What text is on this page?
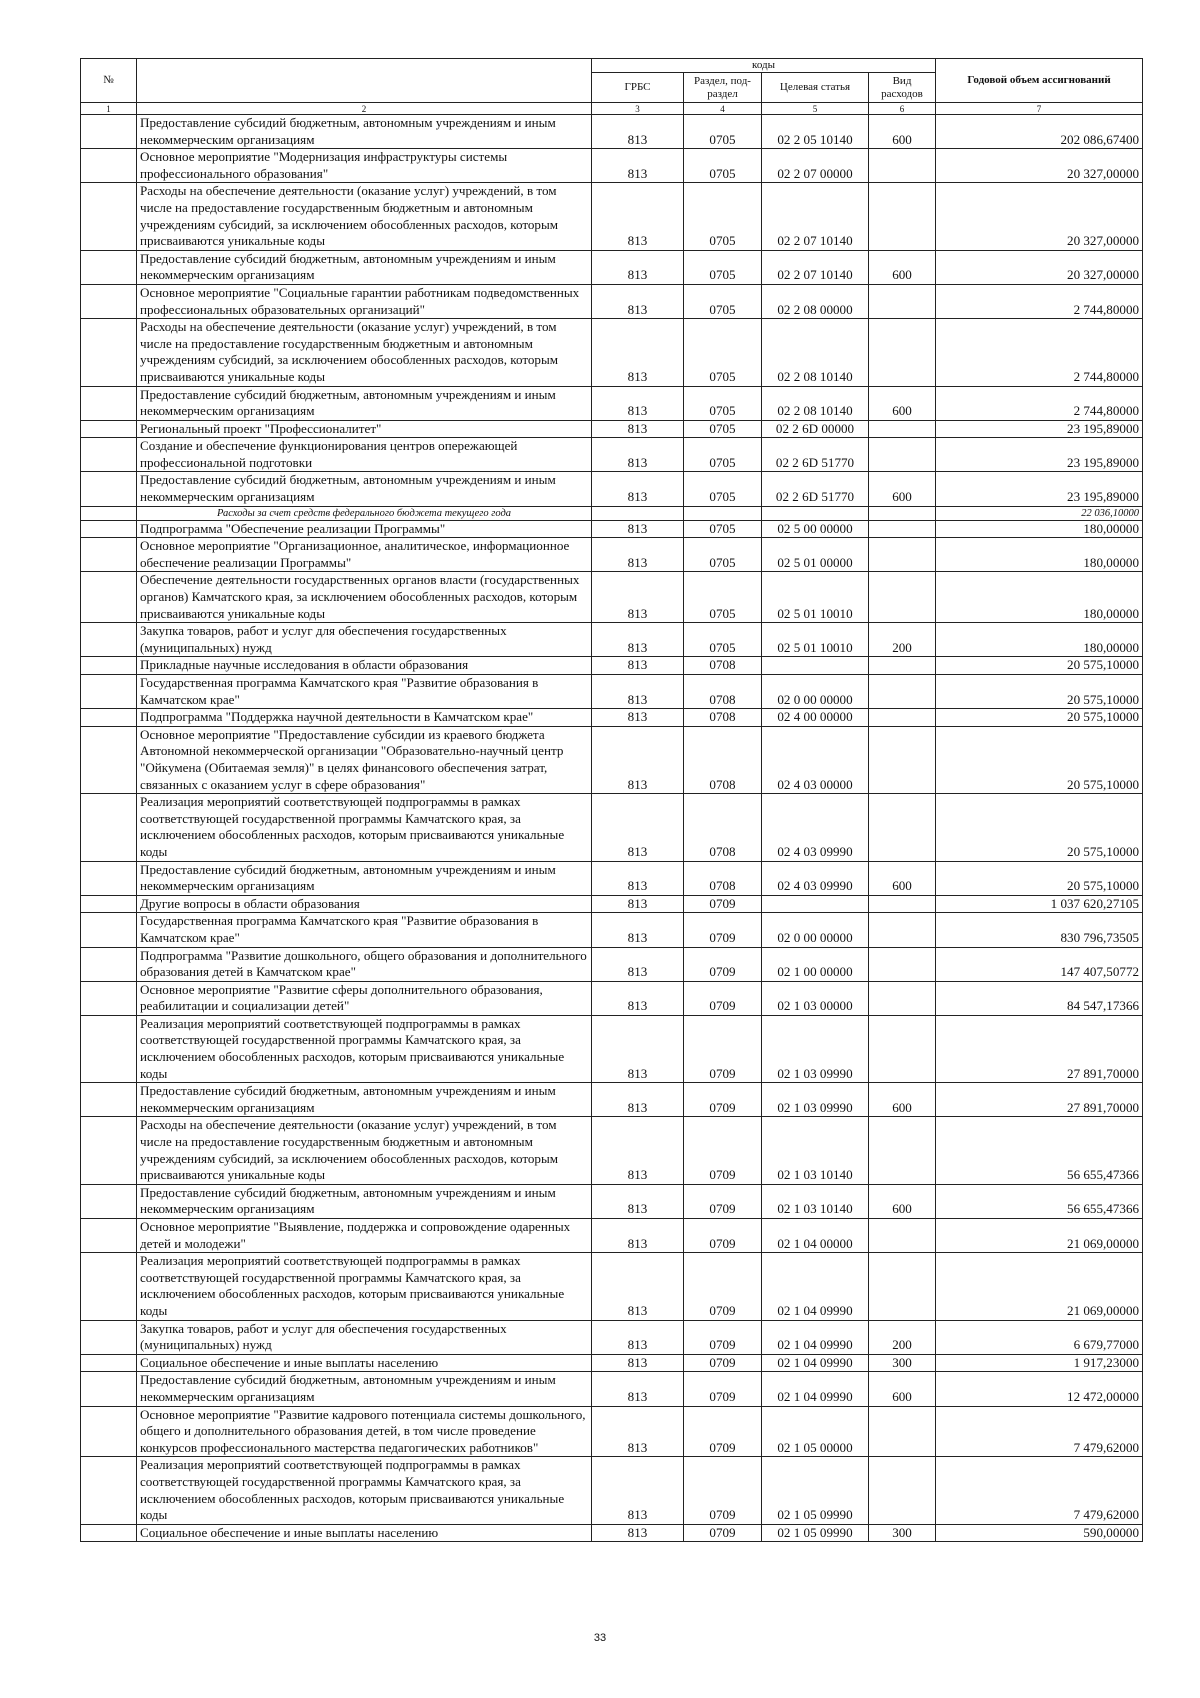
№		коды				Годовой объем ассигнований
		ГРБС	Раздел, под-раздел	Целевая статья	Вид расходов	
1	2	3	4	5	6	7
	Предоставление субсидий бюджетным, автономным учреждениям и иным некоммерческим организациям	813	0705	02 2 05 10140	600	202 086,67400
	Основное мероприятие "Модернизация инфраструктуры системы профессионального образования"	813	0705	02 2 07 00000		20 327,00000
	Расходы на обеспечение деятельности (оказание услуг) учреждений, в том числе на предоставление государственным бюджетным и автономным учреждениям субсидий, за исключением обособленных расходов, которым присваиваются уникальные коды	813	0705	02 2 07 10140		20 327,00000
	Предоставление субсидий бюджетным, автономным учреждениям и иным некоммерческим организациям	813	0705	02 2 07 10140	600	20 327,00000
	Основное мероприятие "Социальные гарантии работникам подведомственных профессиональных образовательных организаций"	813	0705	02 2 08 00000		2 744,80000
	Расходы на обеспечение деятельности (оказание услуг) учреждений, в том числе на предоставление государственным бюджетным и автономным учреждениям субсидий, за исключением обособленных расходов, которым присваиваются уникальные коды	813	0705	02 2 08 10140		2 744,80000
	Предоставление субсидий бюджетным, автономным учреждениям и иным некоммерческим организациям	813	0705	02 2 08 10140	600	2 744,80000
	Региональный проект "Профессионалитет"	813	0705	02 2 6D 00000		23 195,89000
	Создание и обеспечение функционирования центров опережающей профессиональной подготовки	813	0705	02 2 6D 51770		23 195,89000
	Предоставление субсидий бюджетным, автономным учреждениям и иным некоммерческим организациям	813	0705	02 2 6D 51770	600	23 195,89000
	Расходы за счет средств федерального бюджета текущего года					22 036,10000
	Подпрограмма "Обеспечение реализации Программы"	813	0705	02 5 00 00000		180,00000
	Основное мероприятие "Организационное, аналитическое, информационное обеспечение реализации Программы"	813	0705	02 5 01 00000		180,00000
	Обеспечение деятельности государственных органов власти (государственных органов) Камчатского края, за исключением обособленных расходов, которым присваиваются уникальные коды	813	0705	02 5 01 10010		180,00000
	Закупка товаров, работ и услуг для обеспечения государственных (муниципальных) нужд	813	0705	02 5 01 10010	200	180,00000
	Прикладные научные исследования в области образования	813	0708			20 575,10000
	Государственная программа Камчатского края "Развитие образования в Камчатском крае"	813	0708	02 0 00 00000		20 575,10000
	Подпрограмма "Поддержка научной деятельности в Камчатском крае"	813	0708	02 4 00 00000		20 575,10000
	Основное мероприятие "Предоставление субсидии из краевого бюджета Автономной некоммерческой организации "Образовательно-научный центр "Ойкумена (Обитаемая земля)" в целях финансового обеспечения затрат, связанных с оказанием услуг в сфере образования"	813	0708	02 4 03 00000		20 575,10000
	Реализация мероприятий соответствующей подпрограммы в рамках соответствующей государственной программы Камчатского края, за исключением обособленных расходов, которым присваиваются уникальные коды	813	0708	02 4 03 09990		20 575,10000
	Предоставление субсидий бюджетным, автономным учреждениям и иным некоммерческим организациям	813	0708	02 4 03 09990	600	20 575,10000
	Другие вопросы в области образования	813	0709			1 037 620,27105
	Государственная программа Камчатского края "Развитие образования в Камчатском крае"	813	0709	02 0 00 00000		830 796,73505
	Подпрограмма "Развитие дошкольного, общего образования и дополнительного образования детей в Камчатском крае"	813	0709	02 1 00 00000		147 407,50772
	Основное мероприятие "Развитие сферы дополнительного образования, реабилитации и социализации детей"	813	0709	02 1 03 00000		84 547,17366
	Реализация мероприятий соответствующей подпрограммы в рамках соответствующей государственной программы Камчатского края, за исключением обособленных расходов, которым присваиваются уникальные коды	813	0709	02 1 03 09990		27 891,70000
	Предоставление субсидий бюджетным, автономным учреждениям и иным некоммерческим организациям	813	0709	02 1 03 09990	600	27 891,70000
	Расходы на обеспечение деятельности (оказание услуг) учреждений, в том числе на предоставление государственным бюджетным и автономным учреждениям субсидий, за исключением обособленных расходов, которым присваиваются уникальные коды	813	0709	02 1 03 10140		56 655,47366
	Предоставление субсидий бюджетным, автономным учреждениям и иным некоммерческим организациям	813	0709	02 1 03 10140	600	56 655,47366
	Основное мероприятие "Выявление, поддержка и сопровождение одаренных детей и молодежи"	813	0709	02 1 04 00000		21 069,00000
	Реализация мероприятий соответствующей подпрограммы в рамках соответствующей государственной программы Камчатского края, за исключением обособленных расходов, которым присваиваются уникальные коды	813	0709	02 1 04 09990		21 069,00000
	Закупка товаров, работ и услуг для обеспечения государственных (муниципальных) нужд	813	0709	02 1 04 09990	200	6 679,77000
	Социальное обеспечение и иные выплаты населению	813	0709	02 1 04 09990	300	1 917,23000
	Предоставление субсидий бюджетным, автономным учреждениям и иным некоммерческим организациям	813	0709	02 1 04 09990	600	12 472,00000
	Основное мероприятие "Развитие кадрового потенциала системы дошкольного, общего и дополнительного образования детей, в том числе проведение конкурсов профессионального мастерства педагогических работников"	813	0709	02 1 05 00000		7 479,62000
	Реализация мероприятий соответствующей подпрограммы в рамках соответствующей государственной программы Камчатского края, за исключением обособленных расходов, которым присваиваются уникальные коды	813	0709	02 1 05 09990		7 479,62000
	Социальное обеспечение и иные выплаты населению	813	0709	02 1 05 09990	300	590,00000
33
